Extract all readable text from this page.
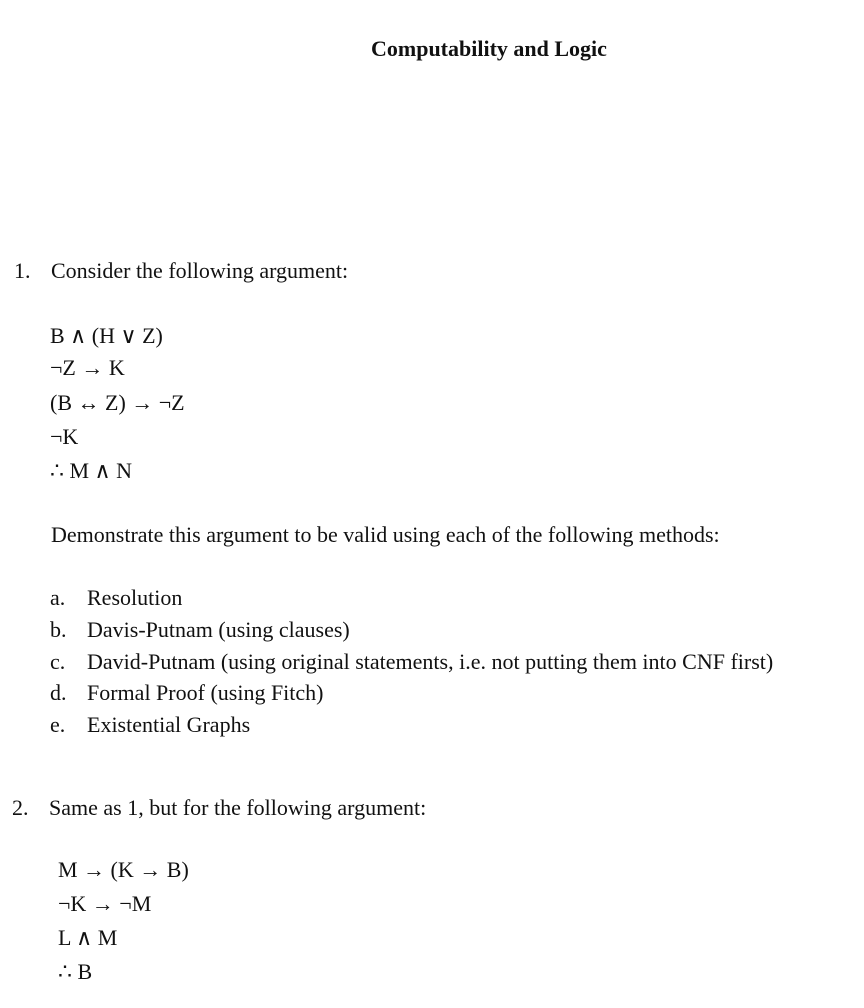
Computability and Logic
1. Consider the following argument:
B ∧ (H ∨ Z)
¬Z → K
(B ↔ Z) → ¬Z
¬K
∴ M ∧ N
Demonstrate this argument to be valid using each of the following methods:
a. Resolution
b. Davis-Putnam (using clauses)
c. David-Putnam (using original statements, i.e. not putting them into CNF first)
d. Formal Proof (using Fitch)
e. Existential Graphs
2. Same as 1, but for the following argument:
M → (K → B)
¬K → ¬M
L ∧ M
∴ B
